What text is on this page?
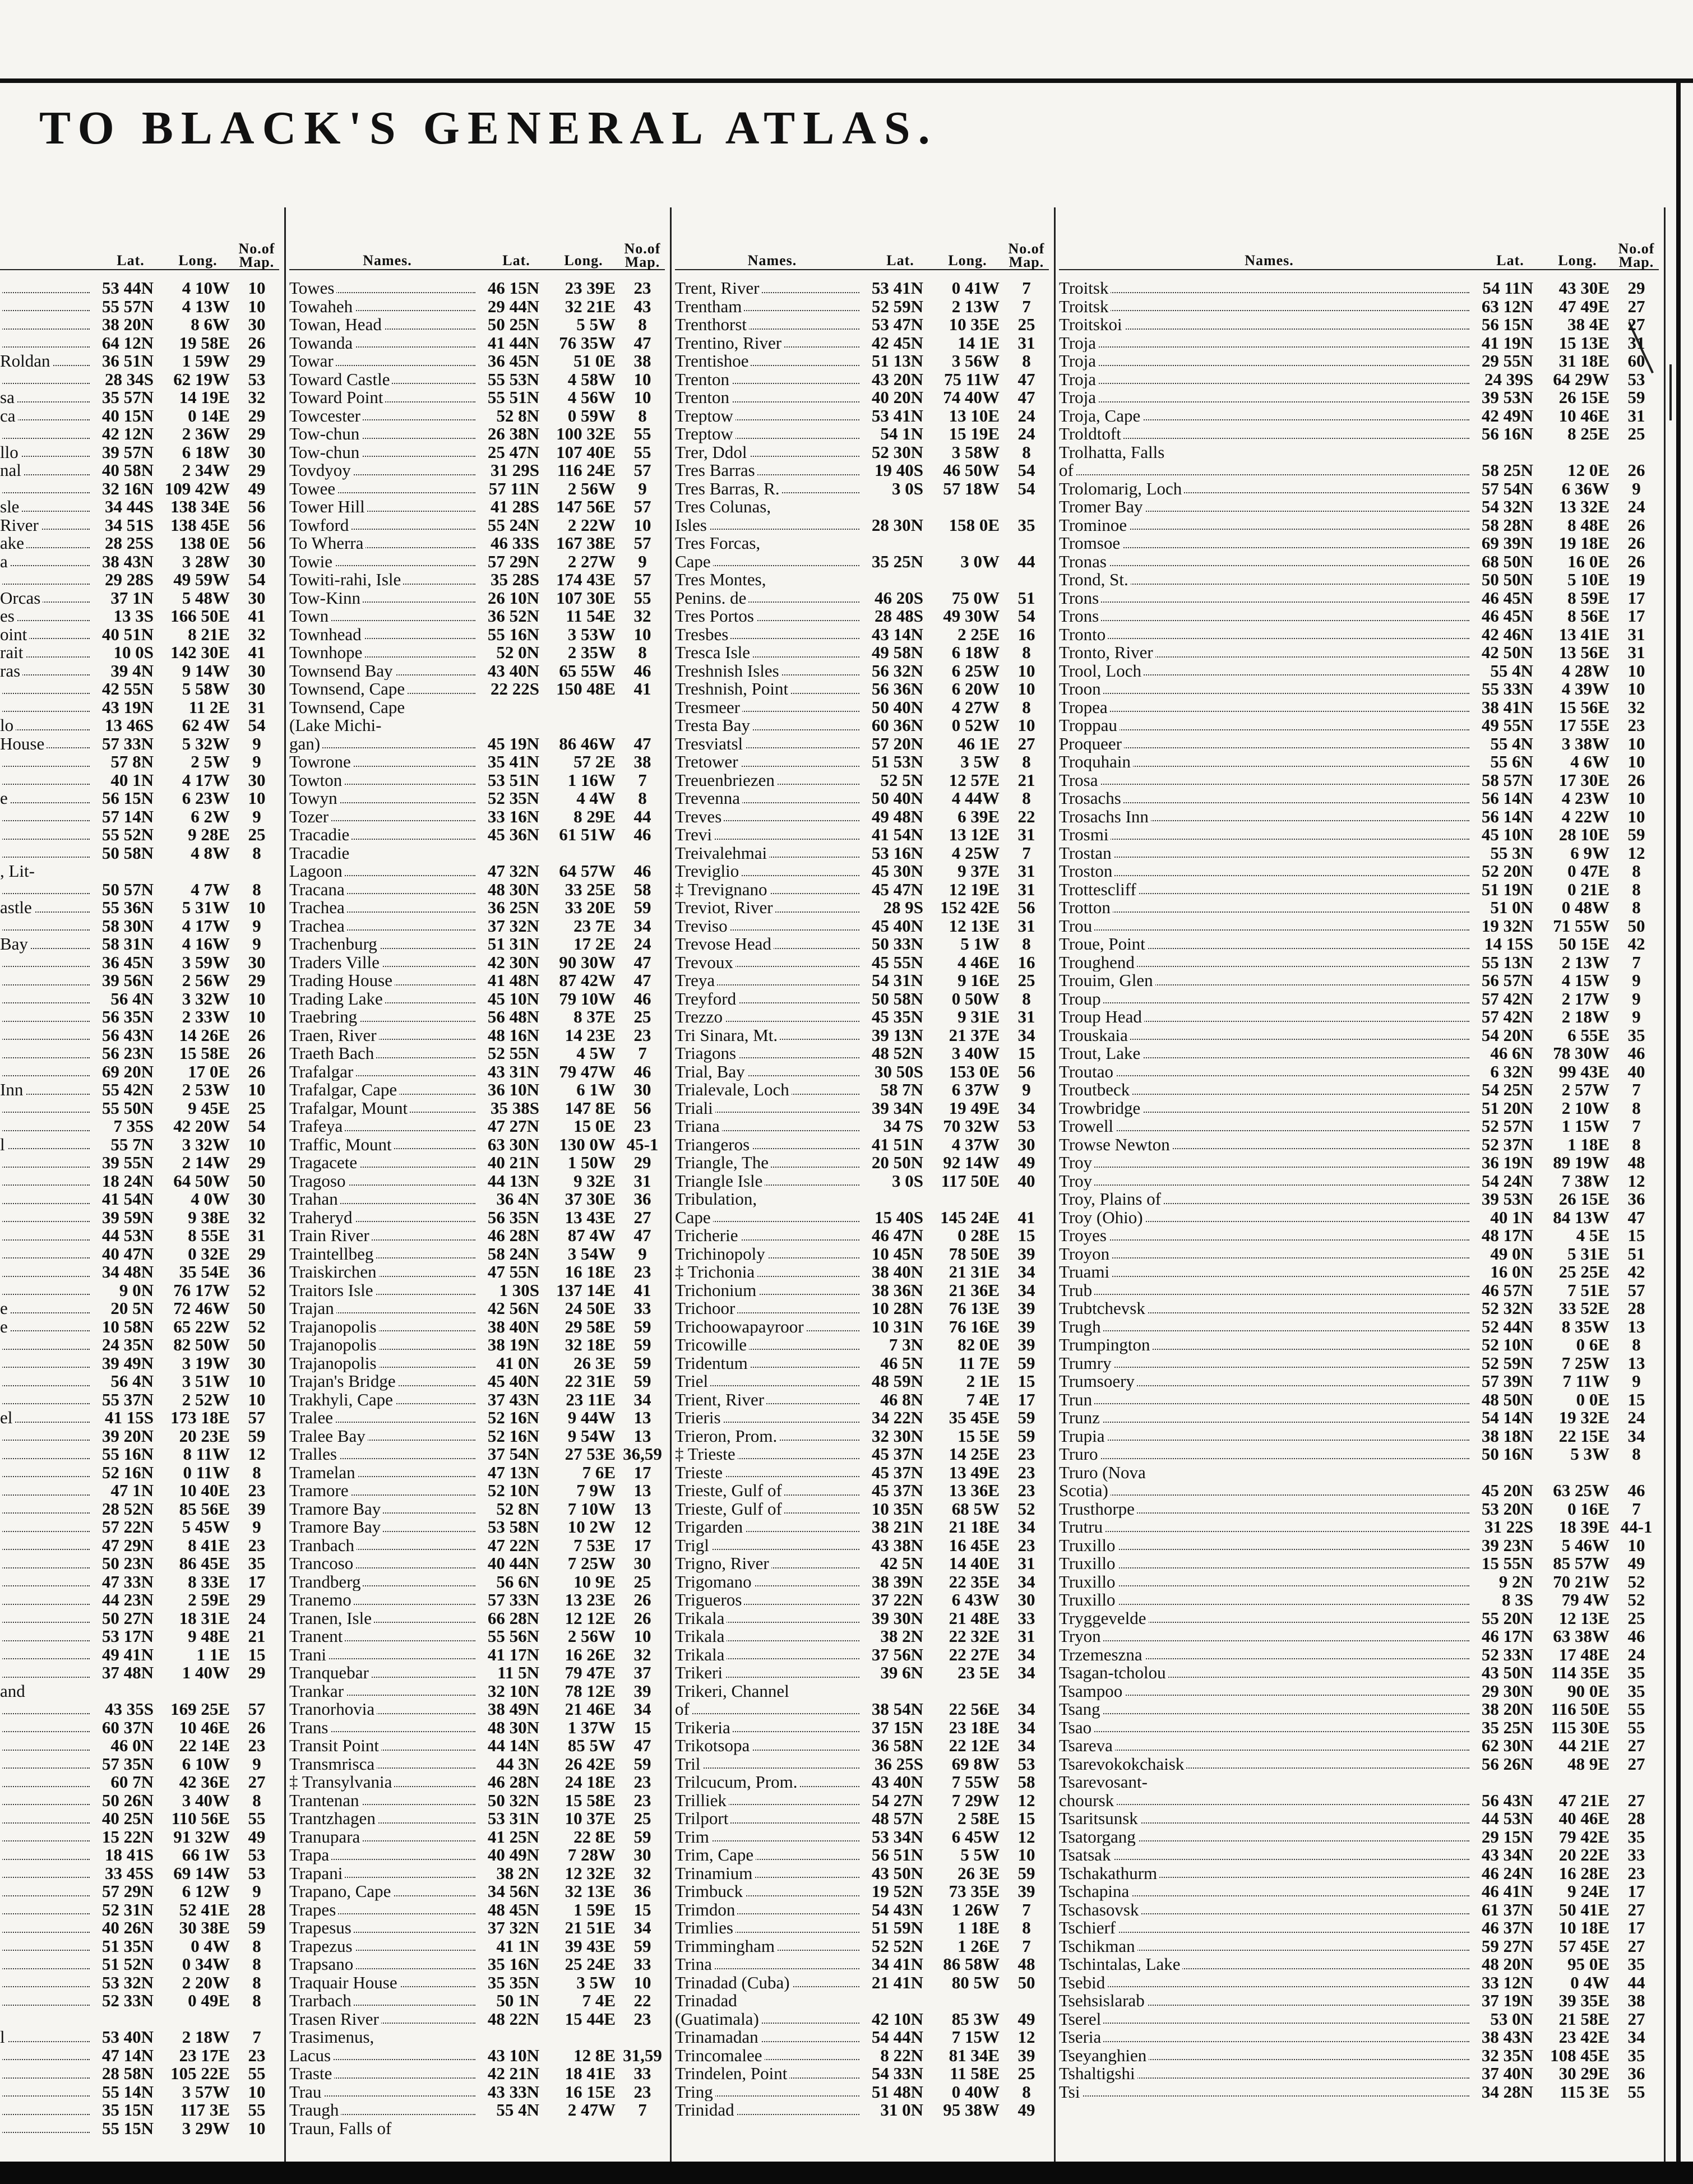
TO BLACK'S GENERAL ATLAS.
Lat.	Long.
No.of Map.
53 44N	4 10W	10
55 57N	4 13W	10
38 20N	8 6W	30
64 12N	19 58E	26
Roldan	36 51N	1 59W	29
28 34S	62 19W	53
sa	35 57N	14 19E	32
ca	40 15N	0 14E	29
42 12N	2 36W	29
llo	39 57N	6 18W	30
nal	40 58N	2 34W	29
32 16N 109 42W	49
sle	34 44S 138 34E	56
River	34 51S 138 45E	56
ake	28 25S	138 0E	56
a	38 43N	3 28W	30
29 28S	49 59W	54
Orcas	37 1N	5 48W	30
es	13 3S 166 50E	41
oint	40 51N	8 21E	32
rait	10 0S 142 30E	41
ras	39 4N	9 14W	30
42 55N	5 58W	30
43 19N	11 2E	31
lo	13 46S	62 4W	54
House	57 33N	5 32W	9
57 8N	2 5W	9
40 1N	4 17W	30
e	56 15N	6 23W	10
57 14N	6 2W	9
55 52N	9 28E	25
50 58N	4 8W	8
, Lit-
50 57N	4 7W	8
astle	55 36N	5 31W	10
58 30N	4 17W	9
Bay	58 31N	4 16W	9
36 45N	3 59W	30
39 56N	2 56W	29
56 4N	3 32W	10
56 35N	2 33W	10
56 43N	14 26E	26
56 23N	15 58E	26
69 20N	17 0E	26
Inn	55 42N	2 53W	10
55 50N	9 45E	25
7 35S	42 20W	54
l	55 7N	3 32W	10
39 55N	2 14W	29
18 24N	64 50W	50
41 54N	4 0W	30
39 59N	9 38E	32
44 53N	8 55E	31
40 47N	0 32E	29
34 48N	35 54E	36
9 0N	76 17W	52
e	20 5N	72 46W	50
e	10 58N	65 22W	52
24 35N	82 50W	50
39 49N	3 19W	30
56 4N	3 51W	10
55 37N	2 52W	10
el	41 15S 173 18E	57
39 20N	20 23E	59
55 16N	8 11W	12
52 16N	0 11W	8
47 1N	10 40E	23
28 52N	85 56E	39
57 22N	5 45W	9
47 29N	8 41E	23
50 23N	86 45E	35
47 33N	8 33E	17
44 23N	2 59E	29
50 27N	18 31E	24
53 17N	9 48E	21
49 41N	1 1E	15
37 48N	1 40W	29
and
43 35S 169 25E	57
60 37N	10 46E	26
46 0N	22 14E	23
57 35N	6 10W	9
60 7N	42 36E	27
50 26N	3 40W	8
40 25N	110 56E	55
15 22N	91 32W	49
18 41S	66 1W	53
33 45S	69 14W	53
57 29N	6 12W	9
52 31N	52 41E	28
40 26N	30 38E	59
51 35N	0 4W	8
51 52N	0 34W	8
53 32N	2 20W	8
52 33N	0 49E	8
l	53 40N	2 18W	7
47 14N	23 17E	23
28 58N 105 22E	55
55 14N	3 57W	10
35 15N	117 3E	55
55 15N	3 29W	10
Names.	Lat.	Long.
No.of Map.
Towes	46 15N	23 39E	23
Towaheh	29 44N	32 21E	43
Towan, Head	50 25N	5 5W	8
Towanda	41 44N	76 35W	47
Towar	36 45N	51 0E	38
Toward Castle	55 53N	4 58W	10
Toward Point	55 51N	4 56W	10
Towcester	52 8N	0 59W	8
Tow-chun	26 38N 100 32E	55
Tow-chun	25 47N 107 40E	55
Tovdyoy	31 29S	116 24E	57
Towee	57 11N	2 56W	9
Tower Hill	41 28S 147 56E	57
Towford	55 24N	2 22W	10
To Wherra	46 33S 167 38E	57
Towie	57 29N	2 27W	9
Towiti-rahi, Isle	35 28S 174 43E	57
Tow-Kinn	26 10N 107 30E	55
Town	36 52N	11 54E	32
Townhead	55 16N	3 53W	10
Townhope	52 0N	2 35W	8
Townsend Bay	43 40N	65 55W	46
Townsend, Cape	22 22S 150 48E	41
Townsend, Cape
(Lake Michi-
gan)	45 19N	86 46W	47
Towrone	35 41N	57 2E	38
Towton	53 51N	1 16W	7
Towyn	52 35N	4 4W	8
Tozer	33 16N	8 29E	44
Tracadie	45 36N	61 51W	46
Tracadie
Lagoon	47 32N	64 57W	46
Tracana	48 30N	33 25E	58
Trachea	36 25N	33 20E	59
Trachea	37 32N	23 7E	34
Trachenburg	51 31N	17 2E	24
Traders Ville	42 30N	90 30W	47
Trading House	41 48N	87 42W	47
Trading Lake	45 10N	79 10W	46
Traebring	56 48N	8 37E	25
Traen, River	48 16N	14 23E	23
Traeth Bach	52 55N	4 5W	7
Trafalgar	43 31N	79 47W	46
Trafalgar, Cape	36 10N	6 1W	30
Trafalgar, Mount	35 38S	147 8E	56
Trafeya	47 27N	15 0E	23
Traffic, Mount	63 30N	130 0W 45-1
Tragacete	40 21N	1 50W	29
Tragoso	44 13N	9 32E	31
Trahan	36 4N	37 30E	36
Traheryd	56 35N	13 43E	27
Train River	46 28N	87 4W	47
Traintellbeg	58 24N	3 54W	9
Traiskirchen	47 55N	16 18E	23
Traitors Isle	1 30S 137 14E	41
Trajan	42 56N	24 50E	33
Trajanopolis	38 40N	29 58E	59
Trajanopolis	38 19N	32 18E	59
Trajanopolis	41 0N	26 3E	59
Trajan's Bridge	45 40N	22 31E	59
Trakhyli, Cape	37 43N	23 11E	34
Tralee	52 16N	9 44W	13
Tralee Bay	52 16N	9 54W	13
Tralles	37 54N	27 53E 36,59
Tramelan	47 13N	7 6E	17
Tramore	52 10N	7 9W	13
Tramore Bay	52 8N	7 10W	13
Tramore Bay	53 58N	10 2W	12
Tranbach	47 22N	7 53E	17
Trancoso	40 44N	7 25W	30
Trandberg	56 6N	10 9E	25
Tranemo	57 33N	13 23E	26
Tranen, Isle	66 28N	12 12E	26
Tranent	55 56N	2 56W	10
Trani	41 17N	16 26E	32
Tranquebar	11 5N	79 47E	37
Trankar	32 10N	78 12E	39
Tranorhovia	38 49N	21 46E	34
Trans	48 30N	1 37W	15
Transit Point	44 14N	85 5W	47
Transmrisca	44 3N	26 42E	59
‡ Transylvania	46 28N	24 18E	23
Trantenan	50 32N	15 58E	23
Trantzhagen	53 31N	10 37E	25
Tranupara	41 25N	22 8E	59
Trapa	40 49N	7 28W	30
Trapani	38 2N	12 32E	32
Trapano, Cape	34 56N	32 13E	36
Trapes	48 45N	1 59E	15
Trapesus	37 32N	21 51E	34
Trapezus	41 1N	39 43E	59
Trapsano	35 16N	25 24E	33
Traquair House	35 35N	3 5W	10
Trarbach	50 1N	7 4E	22
Trasen River	48 22N	15 44E	23
Trasimenus,
Lacus	43 10N	12 8E 31,59
Traste	42 21N	18 41E	33
Trau	43 33N	16 15E	23
Traugh	55 4N	2 47W	7
Traun, Falls of
Names.	Lat.	Long.
No.of Map.
Trent, River	53 41N	0 41W	7
Trentham	52 59N	2 13W	7
Trenthorst	53 47N	10 35E	25
Trentino, River	42 45N	14 1E	31
Trentishoe	51 13N	3 56W	8
Trenton	43 20N	75 11W	47
Trenton	40 20N	74 40W	47
Treptow	53 41N	13 10E	24
Treptow	54 1N	15 19E	24
Trer, Ddol	52 30N	3 58W	8
Tres Barras	19 40S	46 50W	54
Tres Barras, R.	3 0S	57 18W	54
Tres Colunas,
Isles	28 30N	158 0E	35
Tres Forcas,
Cape	35 25N	3 0W	44
Tres Montes,
Penins. de	46 20S	75 0W	51
Tres Portos	28 48S	49 30W	54
Tresbes	43 14N	2 25E	16
Tresca Isle	49 58N	6 18W	8
Treshnish Isles	56 32N	6 25W	10
Treshnish, Point	56 36N	6 20W	10
Tresmeer	50 40N	4 27W	8
Tresta Bay	60 36N	0 52W	10
Tresviatsl	57 20N	46 1E	27
Tretower	51 53N	3 5W	8
Treuenbriezen	52 5N	12 57E	21
Trevenna	50 40N	4 44W	8
Treves	49 48N	6 39E	22
Trevi	41 54N	13 12E	31
Treivalehmai	53 16N	4 25W	7
Treviglio	45 30N	9 37E	31
‡ Trevignano	45 47N	12 19E	31
Treviot, River	28 9S 152 42E	56
Treviso	45 40N	12 13E	31
Trevose Head	50 33N	5 1W	8
Trevoux	45 55N	4 46E	16
Treya	54 31N	9 16E	25
Treyford	50 58N	0 50W	8
Trezzo	45 35N	9 31E	31
Tri Sinara, Mt.	39 13N	21 37E	34
Triagons	48 52N	3 40W	15
Trial, Bay	30 50S	153 0E	56
Trialevale, Loch	58 7N	6 37W	9
Triali	39 34N	19 49E	34
Triana	34 7S	70 32W	53
Triangeros	41 51N	4 37W	30
Triangle, The	20 50N	92 14W	49
Triangle Isle	3 0S	117 50E	40
Tribulation,
Cape	15 40S 145 24E	41
Tricherie	46 47N	0 28E	15
Trichinopoly	10 45N	78 50E	39
‡ Trichonia	38 40N	21 31E	34
Trichonium	38 36N	21 36E	34
Trichoor	10 28N	76 13E	39
Trichoowapayroor	10 31N	76 16E	39
Tricowille	7 3N	82 0E	39
Tridentum	46 5N	11 7E	59
Triel	48 59N	2 1E	15
Trient, River	46 8N	7 4E	17
Trieris	34 22N	35 45E	59
Trieron, Prom.	32 30N	15 5E	59
‡ Trieste	45 37N	14 25E	23
Trieste	45 37N	13 49E	23
Trieste, Gulf of	45 37N	13 36E	23
Trieste, Gulf of	10 35N	68 5W	52
Trigarden	38 21N	21 18E	34
Trigl	43 38N	16 45E	23
Trigno, River	42 5N	14 40E	31
Trigomano	38 39N	22 35E	34
Trigueros	37 22N	6 43W	30
Trikala	39 30N	21 48E	33
Trikala	38 2N	22 32E	31
Trikala	37 56N	22 27E	34
Trikeri	39 6N	23 5E	34
Trikeri, Channel
of	38 54N	22 56E	34
Trikeria	37 15N	23 18E	34
Trikotsopa	36 58N	22 12E	34
Tril	36 25S	69 8W	53
Trilcucum, Prom.	43 40N	7 55W	58
Trilliek	54 27N	7 29W	12
Trilport	48 57N	2 58E	15
Trim	53 34N	6 45W	12
Trim, Cape	56 51N	5 5W	10
Trinamium	43 50N	26 3E	59
Trimbuck	19 52N	73 35E	39
Trimdon	54 43N	1 26W	7
Trimlies	51 59N	1 18E	8
Trimmingham	52 52N	1 26E	7
Trina	34 41N	86 58W	48
Trinadad (Cuba)	21 41N	80 5W	50
Trinadad
(Guatimala)	42 10N	85 3W	49
Trinamadan	54 44N	7 15W	12
Trincomalee	8 22N	81 34E	39
Trindelen, Point	54 33N	11 58E	25
Tring	51 48N	0 40W	8
Trinidad	31 0N	95 38W	49
Names.	Lat.	Long.
No.of Map.
Troitsk	54 11N	43 30E	29
Troitsk	63 12N	47 49E	27
Troitskoi	56 15N	38 4E	27
Troja	41 19N	15 13E	31
Troja	29 55N	31 18E	60
Troja	24 39S	64 29W	53
Troja	39 53N	26 15E	59
Troja, Cape	42 49N	10 46E	31
Troldtoft	56 16N	8 25E	25
Trolhatta, Falls
of	58 25N	12 0E	26
Trolomarig, Loch	57 54N	6 36W	9
Tromer Bay	54 32N	13 32E	24
Trominoe	58 28N	8 48E	26
Tromsoe	69 39N	19 18E	26
Tronas	68 50N	16 0E	26
Trond, St.	50 50N	5 10E	19
Trons	46 45N	8 59E	17
Trons	46 45N	8 56E	17
Tronto	42 46N	13 41E	31
Tronto, River	42 50N	13 56E	31
Trool, Loch	55 4N	4 28W	10
Troon	55 33N	4 39W	10
Tropea	38 41N	15 56E	32
Troppau	49 55N	17 55E	23
Proqueer	55 4N	3 38W	10
Troquhain	55 6N	4 6W	10
Trosa	58 57N	17 30E	26
Trosachs	56 14N	4 23W	10
Trosachs Inn	56 14N	4 22W	10
Trosmi	45 10N	28 10E	59
Trostan	55 3N	6 9W	12
Troston	52 20N	0 47E	8
Trottescliff	51 19N	0 21E	8
Trotton	51 0N	0 48W	8
Trou	19 32N	71 55W	50
Troue, Point	14 15S	50 15E	42
Troughend	55 13N	2 13W	7
Trouim, Glen	56 57N	4 15W	9
Troup	57 42N	2 17W	9
Troup Head	57 42N	2 18W	9
Trouskaia	54 20N	6 55E	35
Trout, Lake	46 6N	78 30W	46
Troutao	6 32N	99 43E	40
Troutbeck	54 25N	2 57W	7
Trowbridge	51 20N	2 10W	8
Trowell	52 57N	1 15W	7
Trowse Newton	52 37N	1 18E	8
Troy	36 19N	89 19W	48
Troy	54 24N	7 38W	12
Troy, Plains of	39 53N	26 15E	36
Troy (Ohio)	40 1N	84 13W	47
Troyes	48 17N	4 5E	15
Troyon	49 0N	5 31E	51
Truami	16 0N	25 25E	42
Trub	46 57N	7 51E	57
Trubtchevsk	52 32N	33 52E	28
Trugh	52 44N	8 35W	13
Trumpington	52 10N	0 6E	8
Trumry	52 59N	7 25W	13
Trumsoery	57 39N	7 11W	9
Trun	48 50N	0 0E	15
Trunz	54 14N	19 32E	24
Trupia	38 18N	22 15E	34
Truro	50 16N	5 3W	8
Truro (Nova
Scotia)	45 20N	63 25W	46
Trusthorpe	53 20N	0 16E	7
Trutru	31 22S	18 39E 44-1
Truxillo	39 23N	5 46W	10
Truxillo	15 55N	85 57W	49
Truxillo	9 2N	70 21W	52
Truxillo	8 3S	79 4W	52
Tryggevelde	55 20N	12 13E	25
Tryon	46 17N	63 38W	46
Trzemeszna	52 33N	17 48E	24
Tsagan-tcholou	43 50N	114 35E	35
Tsampoo	29 30N	90 0E	35
Tsang	38 20N	116 50E	55
Tsao	35 25N	115 30E	55
Tsareva	62 30N	44 21E	27
Tsarevokokchaisk	56 26N	48 9E	27
Tsarevosant-
choursk	56 43N	47 21E	27
Tsaritsunsk	44 53N	40 46E	28
Tsatorgang	29 15N	79 42E	35
Tsatsak	43 34N	20 22E	33
Tschakathurm	46 24N	16 28E	23
Tschapina	46 41N	9 24E	17
Tschasovsk	61 37N	50 41E	27
Tschierf	46 37N	10 18E	17
Tschikman	59 27N	57 45E	27
Tschintalas, Lake	48 20N	95 0E	35
Tsebid	33 12N	0 4W	44
Tsehsislarab	37 19N	39 35E	38
Tserel	53 0N	21 58E	27
Tseria	38 43N	23 42E	34
Tseyanghien	32 35N 108 45E	35
Tshaltigshi	37 40N	30 29E	36
Tsi	34 28N	115 3E	55
